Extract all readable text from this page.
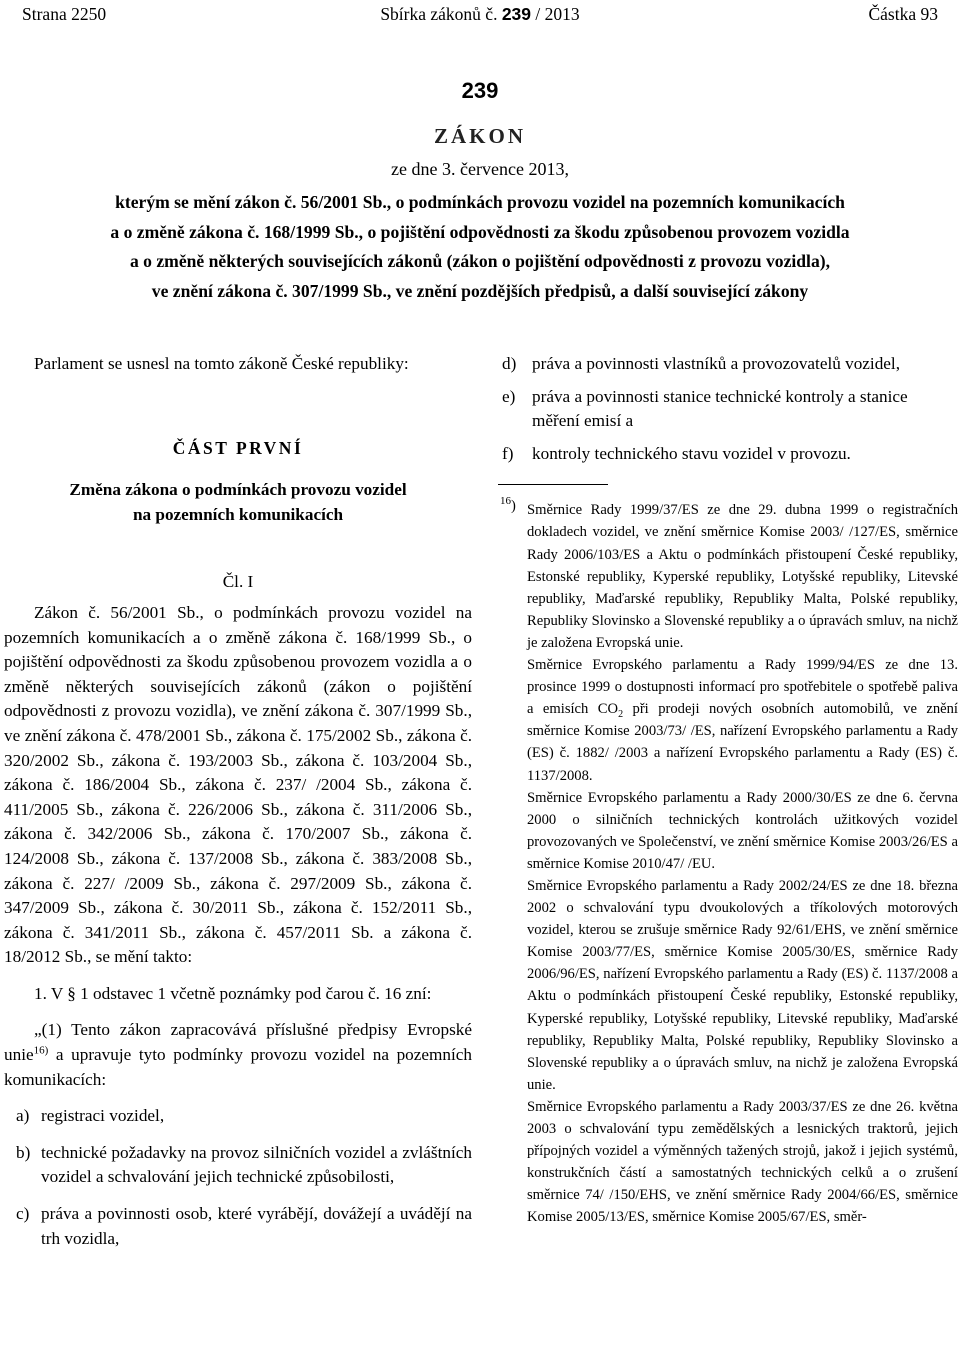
Strana 2250	Sbírka zákonů č. 239 / 2013	Částka 93
239
ZÁKON
ze dne 3. července 2013,
kterým se mění zákon č. 56/2001 Sb., o podmínkách provozu vozidel na pozemních komunikacích
a o změně zákona č. 168/1999 Sb., o pojištění odpovědnosti za škodu způsobenou provozem vozidla
a o změně některých souvisejících zákonů (zákon o pojištění odpovědnosti z provozu vozidla),
ve znění zákona č. 307/1999 Sb., ve znění pozdějších předpisů, a další související zákony

Parlament se usnesl na tomto zákoně České republiky:

ČÁST PRVNÍ
Změna zákona o podmínkách provozu vozidel
na pozemních komunikacích
Čl. I

Zákon č. 56/2001 Sb., o podmínkách provozu vozidel na pozemních komunikacích a o změně zákona č. 168/1999 Sb., o pojištění odpovědnosti za škodu způsobenou provozem vozidla a o změně některých souvisejících zákonů (zákon o pojištění odpovědnosti z provozu vozidla), ve znění zákona č. 307/1999 Sb., ve znění zákona č. 478/2001 Sb., zákona č. 175/2002 Sb., zákona č. 320/2002 Sb., zákona č. 193/2003 Sb., zákona č. 103/2004 Sb., zákona č. 186/2004 Sb., zákona č. 237/ /2004 Sb., zákona č. 411/2005 Sb., zákona č. 226/2006 Sb., zákona č. 311/2006 Sb., zákona č. 342/2006 Sb., zákona č. 170/2007 Sb., zákona č. 124/2008 Sb., zákona č. 137/2008 Sb., zákona č. 383/2008 Sb., zákona č. 227/ /2009 Sb., zákona č. 297/2009 Sb., zákona č. 347/2009 Sb., zákona č. 30/2011 Sb., zákona č. 152/2011 Sb., zákona č. 341/2011 Sb., zákona č. 457/2011 Sb. a zákona č. 18/2012 Sb., se mění takto:

1. V § 1 odstavec 1 včetně poznámky pod čarou č. 16 zní:

„(1) Tento zákon zapracovává příslušné předpisy Evropské unie$^{16)}$ a upravuje tyto podmínky provozu vozidel na pozemních komunikacích:

a) registraci vozidel,
b) technické požadavky na provoz silničních vozidel a zvláštních vozidel a schvalování jejich technické způsobilosti,
c) práva a povinnosti osob, které vyrábějí, dovážejí a uvádějí na trh vozidla,
d) práva a povinnosti vlastníků a provozovatelů vozidel,
e) práva a povinnosti stanice technické kontroly a stanice měření emisí a
f) kontroly technického stavu vozidel v provozu.
$^{16}$) Směrnice Rady 1999/37/ES ze dne 29. dubna 1999 o registračních dokladech vozidel, ve znění směrnice Komise 2003/ /127/ES, směrnice Rady 2006/103/ES a Aktu o podmínkách přistoupení České republiky, Estonské republiky, Kyperské republiky, Lotyšské republiky, Litevské republiky, Maďarské republiky, Republiky Malta, Polské republiky, Republiky Slovinsko a Slovenské republiky a o úpravách smluv, na nichž je založena Evropská unie.

Směrnice Evropského parlamentu a Rady 1999/94/ES ze dne 13. prosince 1999 o dostupnosti informací pro spotřebitele o spotřebě paliva a emisích $CO_2$ při prodeji nových osobních automobilů, ve znění směrnice Komise 2003/73/ /ES, nařízení Evropského parlamentu a Rady (ES) č. 1882/ /2003 a nařízení Evropského parlamentu a Rady (ES) č. 1137/2008.

Směrnice Evropského parlamentu a Rady 2000/30/ES ze dne 6. června 2000 o silničních technických kontrolách užitkových vozidel provozovaných ve Společenství, ve znění směrnice Komise 2003/26/ES a směrnice Komise 2010/47/ /EU.

Směrnice Evropského parlamentu a Rady 2002/24/ES ze dne 18. března 2002 o schvalování typu dvoukolových a tříkolových motorových vozidel, kterou se zrušuje směrnice Rady 92/61/EHS, ve znění směrnice Komise 2003/77/ES, směrnice Komise 2005/30/ES, směrnice Rady 2006/96/ES, nařízení Evropského parlamentu a Rady (ES) č. 1137/2008 a Aktu o podmínkách přistoupení České republiky, Estonské republiky, Kyperské republiky, Lotyšské republiky, Litevské republiky, Maďarské republiky, Republiky Malta, Polské republiky, Republiky Slovinsko a Slovenské republiky a o úpravách smluv, na nichž je založena Evropská unie.

Směrnice Evropského parlamentu a Rady 2003/37/ES ze dne 26. května 2003 o schvalování typu zemědělských a lesnických traktorů, jejich přípojných vozidel a výměnných tažených strojů, jakož i jejich systémů, konstrukčních částí a samostatných technických celků a o zrušení směrnice 74/ /150/EHS, ve znění směrnice Rady 2004/66/ES, směrnice Komise 2005/13/ES, směrnice Komise 2005/67/ES, směr-
